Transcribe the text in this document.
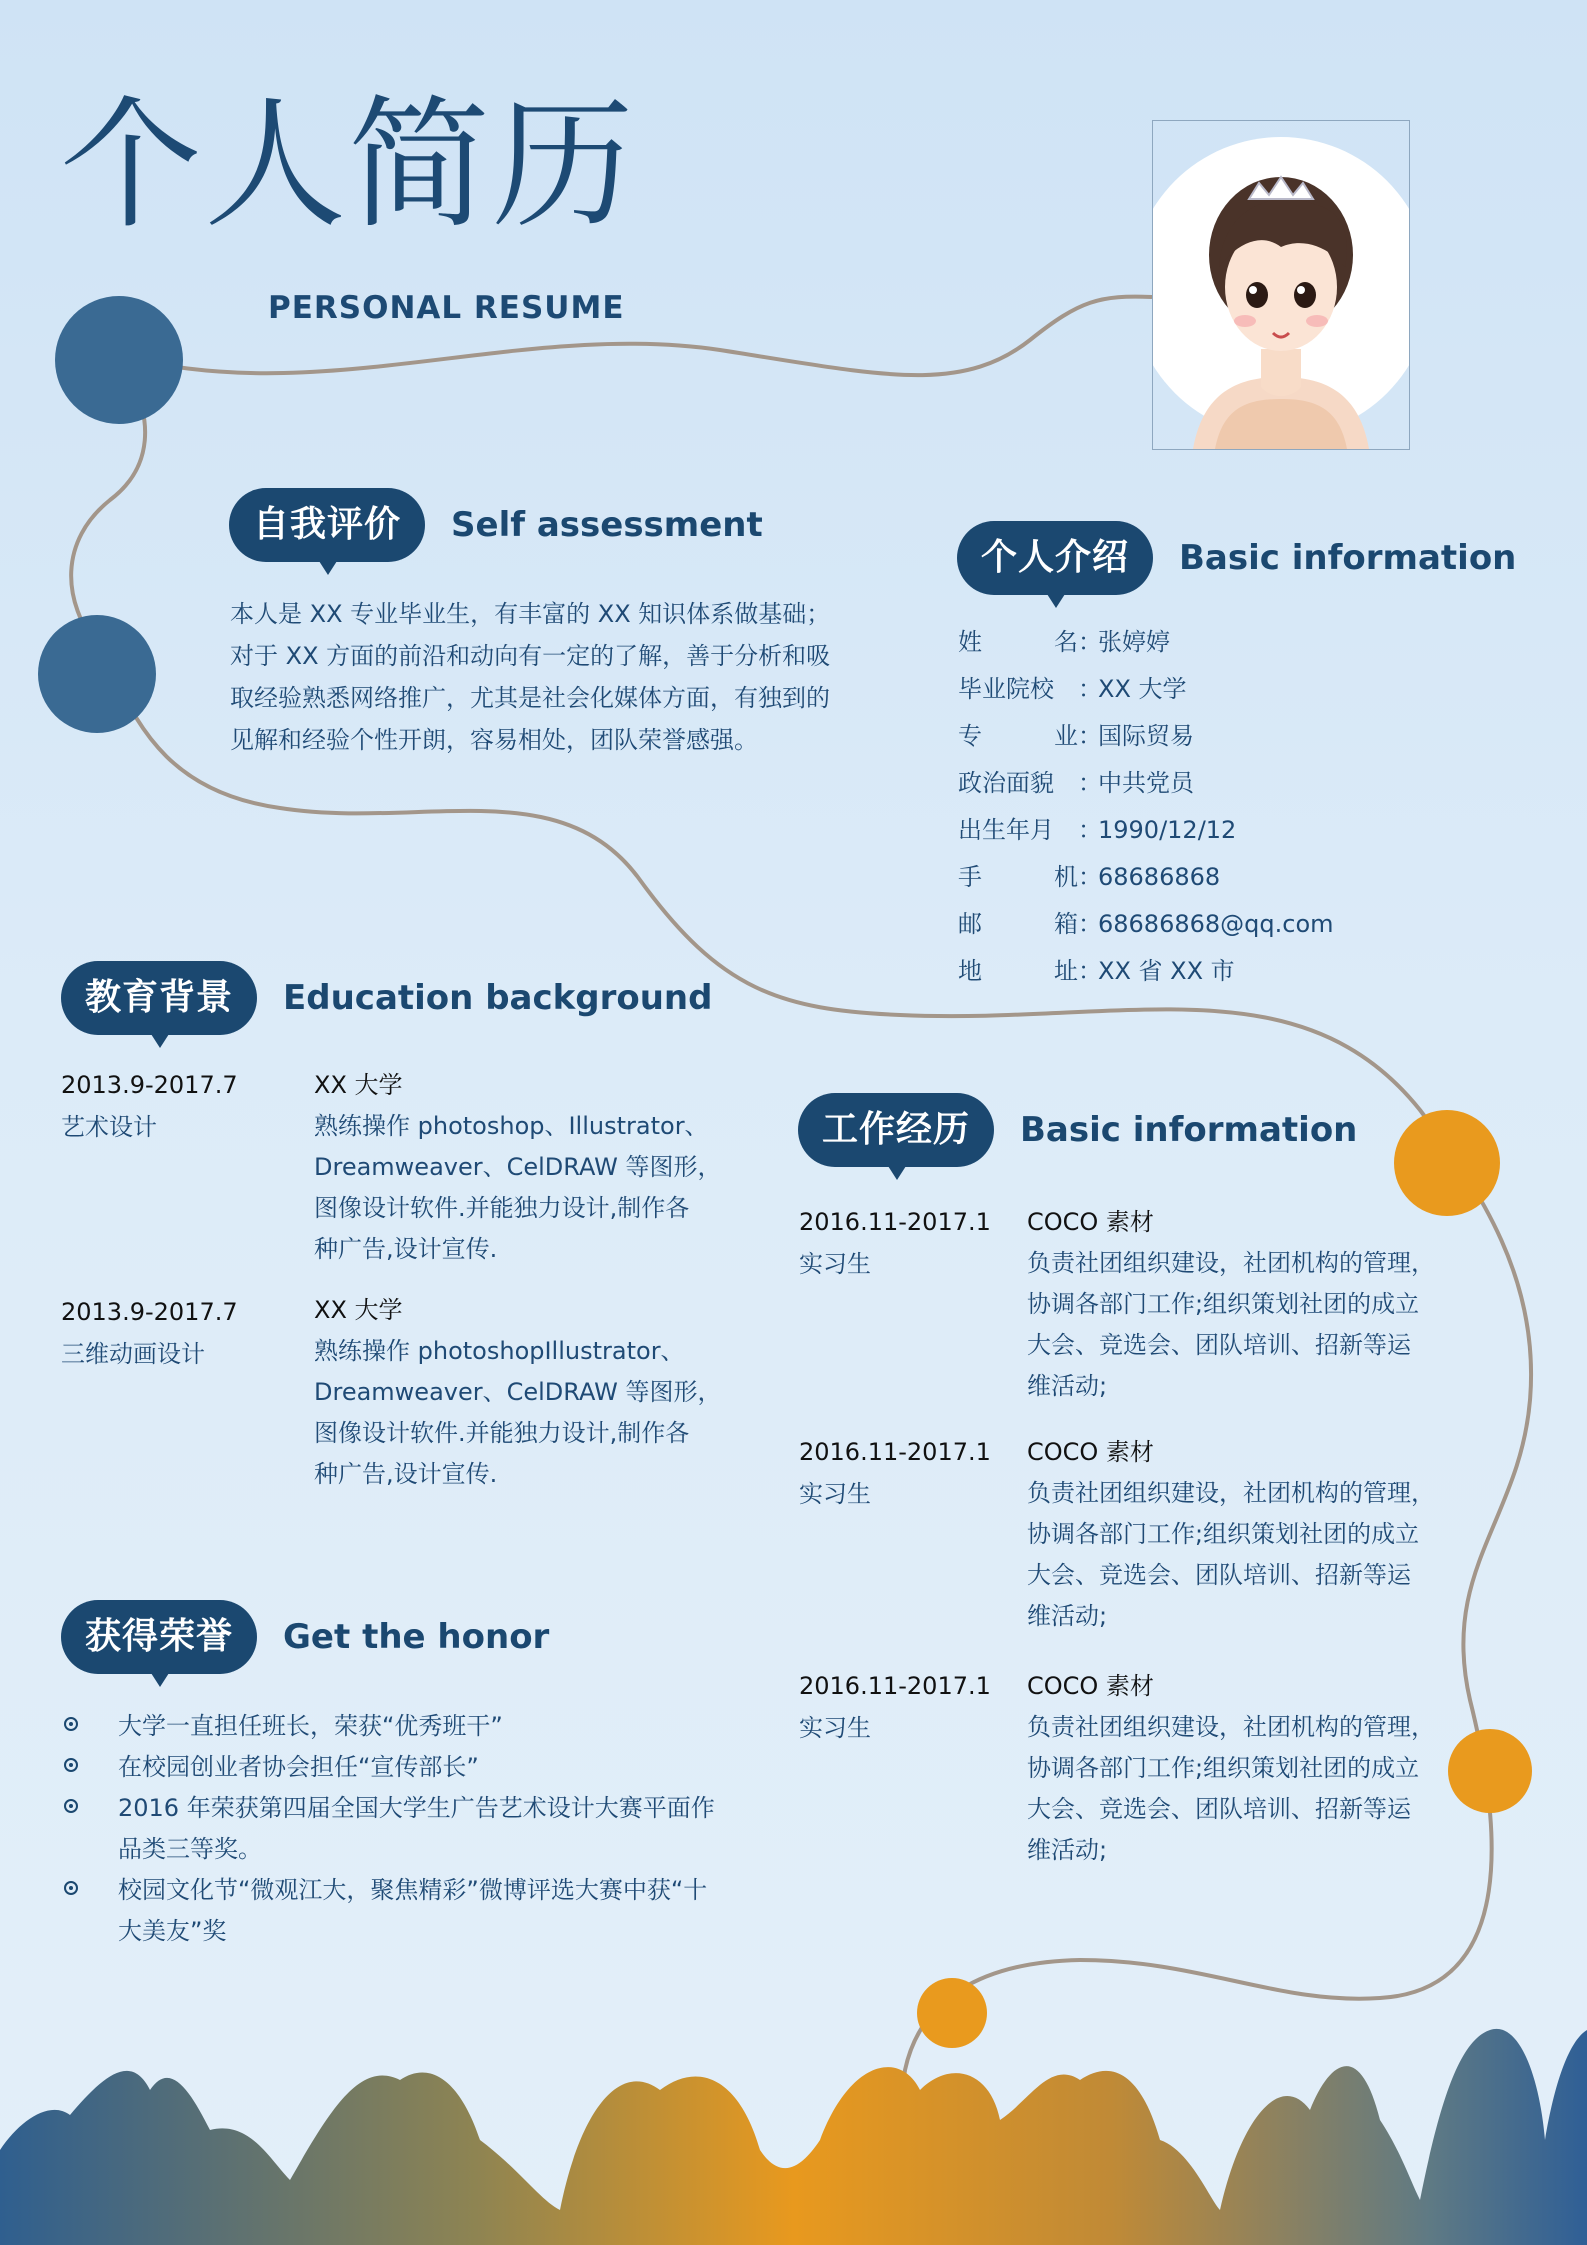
个人简历
PERSONAL RESUME
自我评价	Self assessment
本人是 XX 专业毕业生，有丰富的 XX 知识体系做基础；
对于 XX 方面的前沿和动向有一定的了解，善于分析和吸
取经验熟悉网络推广，尤其是社会化媒体方面，有独到的
见解和经验个性开朗，容易相处，团队荣誉感强。
个人介绍	Basic information
姓	名 ：
张婷婷
毕业院校 ：
XX 大学
专	业 ：
国际贸易
政治面貌 ：
中共党员
出生年月 ：
1990/12/12
手	机 ：
68686868
邮	箱 ：
68686868@qq.com
地	址 ：
XX 省 XX 市
教育背景	Education background
2013.9-2017.7
艺术设计
XX 大学
熟练操作 photoshop、Illustrator、
Dreamweaver、CelDRAW 等图形，
图像设计软件.并能独力设计,制作各
种广告,设计宣传.
2013.9-2017.7
三维动画设计
XX 大学
熟练操作 photoshopIllustrator、
Dreamweaver、CelDRAW 等图形，
图像设计软件.并能独力设计,制作各
种广告,设计宣传.
工作经历	Basic information
2016.11-2017.1
实习生
COCO 素材
负责社团组织建设，社团机构的管理，
协调各部门工作;组织策划社团的成立
大会、竞选会、团队培训、招新等运
维活动;
2016.11-2017.1
实习生
COCO 素材
负责社团组织建设，社团机构的管理，
协调各部门工作;组织策划社团的成立
大会、竞选会、团队培训、招新等运
维活动;
2016.11-2017.1
实习生
COCO 素材
负责社团组织建设，社团机构的管理，
协调各部门工作;组织策划社团的成立
大会、竞选会、团队培训、招新等运
维活动;
获得荣誉	Get the honor
大学一直担任班长，荣获“优秀班干”
在校园创业者协会担任“宣传部长”
2016 年荣获第四届全国大学生广告艺术设计大赛平面作
品类三等奖。
校园文化节“微观江大，聚焦精彩”微博评选大赛中获“十
大美友”奖
